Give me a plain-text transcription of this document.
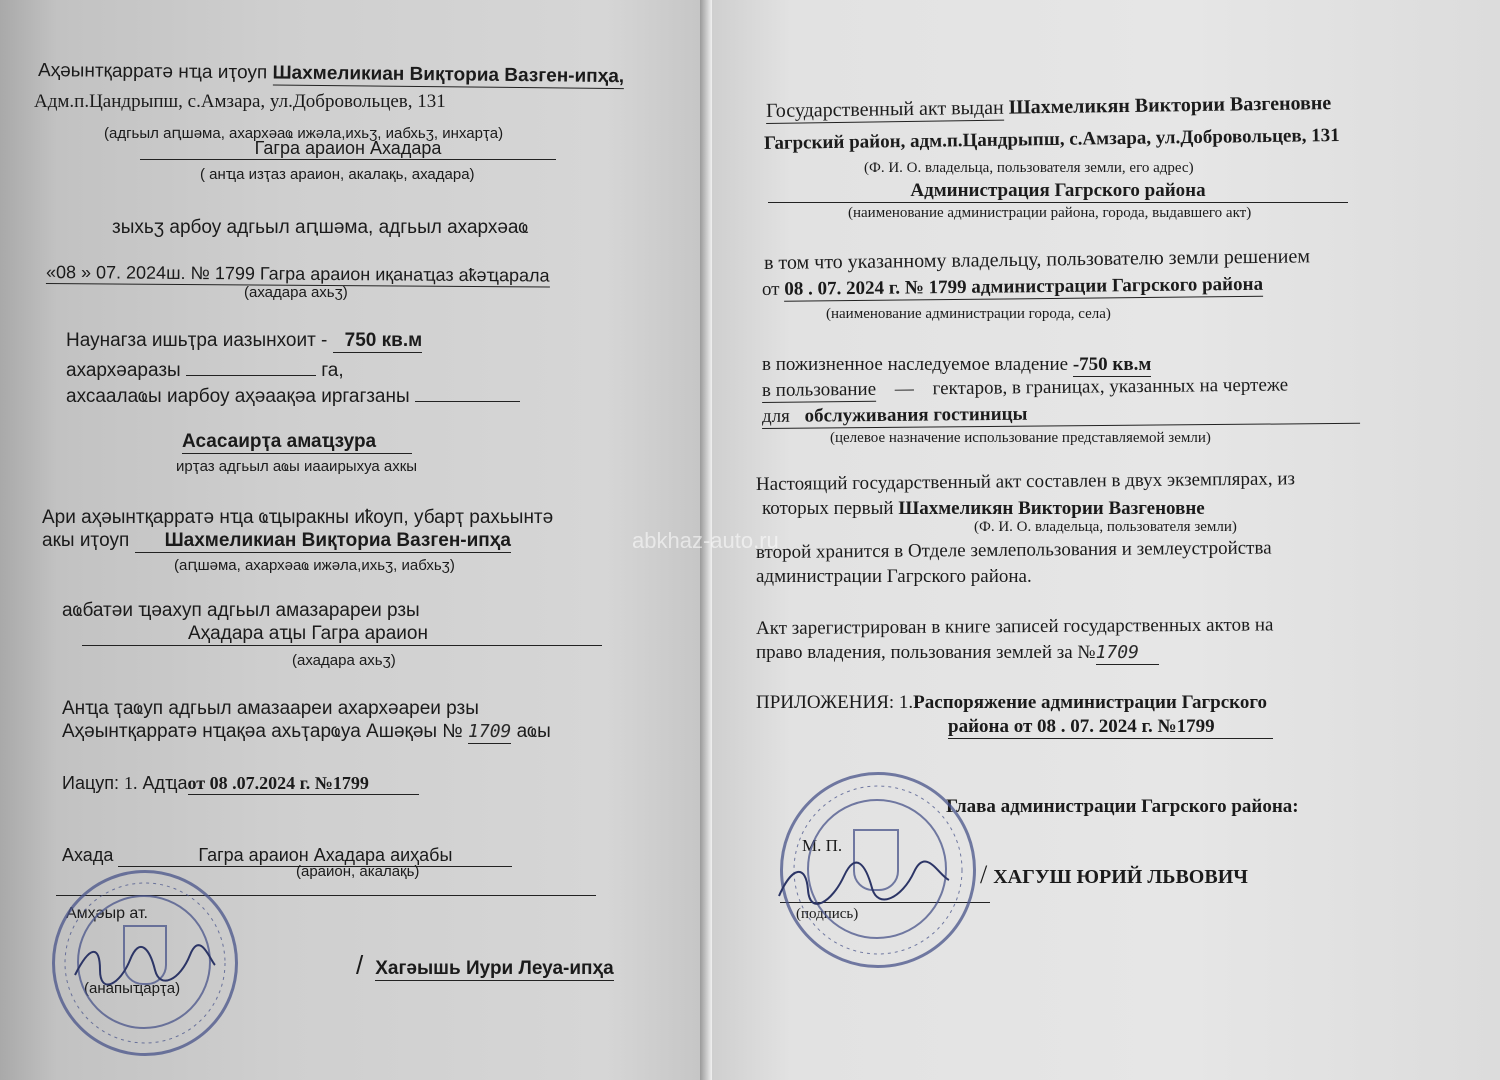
Аҳәынтқарратә нҵа иҭоуп Шахмеликиан Виқториа Вазген-ипҳа,
Адм.п.Цандрыпш, с.Амзара, ул.Добровольцев, 131
(адгьыл аԥшәма, ахархәаҩ ижәла,ихьӡ, иабхьӡ, инхарҭа)
Гагра араион Ахадара
( анҵа изҭаз араион, акалақь, ахадара)
зыхьӡ арбоу адгьыл аԥшәма, адгьыл ахархәаҩ
«08 » 07. 2024ш. № 1799 Гагра араион иқанаҵаз аҟәҵарала
(ахадара ахьӡ)
Наунагза ишьҭра иазынхоит - 750 кв.м
ахархәаразы	га,
ахсаалаҩы иарбоу аҳәаақәа иргагзаны
Асасаирҭа амаҵзура
ирҭаз адгьыл аҩы иааирыхуа ахкы
Ари аҳәынтқарратә нҵа ҩҵыракны иҟоуп, убарҭ рахьынтә
акы иҭоуп Шахмеликиан Виқториа Вазген-ипҳа
(аԥшәма, ахархәаҩ ижәла,ихьӡ, иабхьӡ)
аҩбатәи ҵәахуп адгьыл амазарареи рзы
Аҳадара аҵы Гагра араион
(ахадара ахьӡ)
Анҵа ҭаҩуп адгьыл амазаареи ахархәареи рзы
Аҳәынтқарратә нҵақәа ахьҭарҩуа Ашәқәы № 1709 аҩы
Иацуп: 1. Адҵаот 08 .07.2024 г. №1799
Ахада	Гагра араион Ахадара аиҳабы
(араион, акалақь)
Амҳәыр ат.
/ Хагәышь Иури Леуа-ипҳа
(анапыҵарҭа)
Государственный акт выдан Шахмеликян Виктории Вазгеновне
Гагрский район, адм.п.Цандрыпш, с.Амзара, ул.Добровольцев, 131
(Ф. И. О. владельца, пользователя земли, его адрес)
Администрация Гагрского района
(наименование администрации района, города, выдавшего акт)
в том что указанному владельцу, пользователю земли решением
от 08 . 07. 2024 г. № 1799 администрации Гагрского района
(наименование администрации города, села)
в пожизненное наследуемое владение -750 кв.м
в пользование — гектаров, в границах, указанных на чертеже
для обслуживания гостиницы
(целевое назначение использование представляемой земли)
Настоящий государственный акт составлен в двух экземплярах, из
которых первый Шахмеликян Виктории Вазгеновне
(Ф. И. О. владельца, пользователя земли)
второй хранится в Отделе землепользования и землеустройства
администрации Гагрского района.
Акт зарегистрирован в книге записей государственных актов на
право владения, пользования землей за №1709
ПРИЛОЖЕНИЯ: 1.Распоряжение администрации Гагрского
района от 08 . 07. 2024 г. №1799
Глава администрации Гагрского района:
М. П.
/ ХАГУШ ЮРИЙ ЛЬВОВИЧ
(подпись)
abkhaz-auto.ru
